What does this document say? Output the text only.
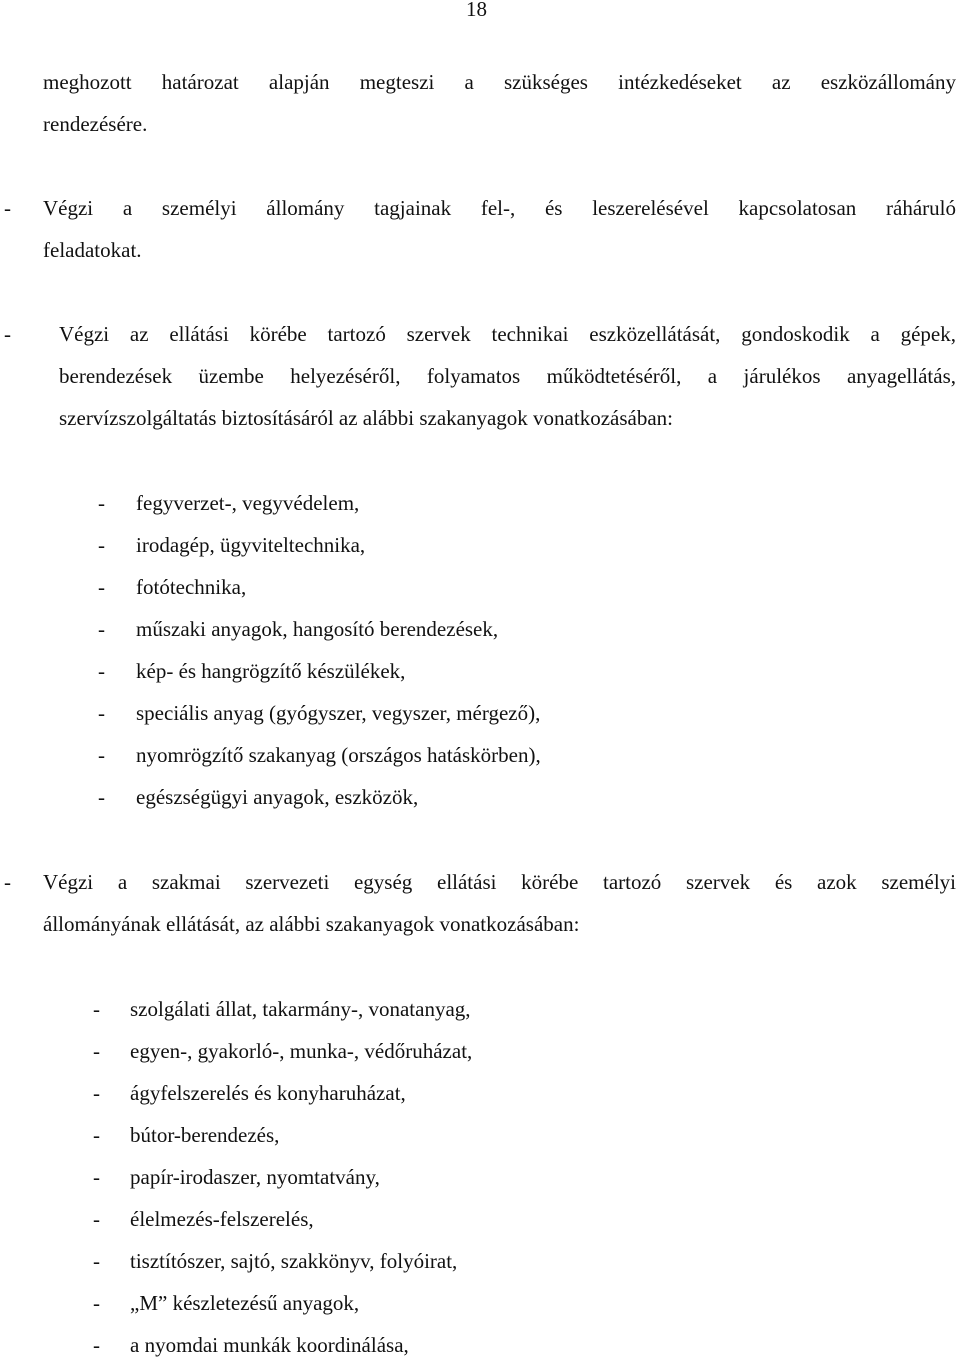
18
meghozott határozat alapján megteszi a szükséges intézkedéseket az eszközállomány
rendezésére.
- Végzi a személyi állomány tagjainak fel-, és leszerelésével kapcsolatosan ráháruló
feladatokat.
- Végzi az ellátási körébe tartozó szervek technikai eszközellátását, gondoskodik a gépek,
berendezések üzembe helyezéséről, folyamatos működtetéséről, a járulékos anyagellátás,
szervízszolgáltatás biztosításáról az alábbi szakanyagok vonatkozásában:
- fegyverzet-, vegyvédelem,
- irodagép, ügyviteltechnika,
- fotótechnika,
- műszaki anyagok, hangosító berendezések,
- kép- és hangrögzítő készülékek,
- speciális anyag (gyógyszer, vegyszer, mérgező),
- nyomrögzítő szakanyag (országos hatáskörben),
- egészségügyi anyagok, eszközök,
- Végzi a szakmai szervezeti egység ellátási körébe tartozó szervek és azok személyi
állományának ellátását, az alábbi szakanyagok vonatkozásában:
- szolgálati állat, takarmány-, vonatanyag,
- egyen-, gyakorló-, munka-, védőruházat,
- ágyfelszerelés és konyharuházat,
- bútor-berendezés,
- papír-irodaszer, nyomtatvány,
- élelmezés-felszerelés,
- tisztítószer, sajtó, szakkönyv, folyóirat,
- „M” készletezésű anyagok,
- a nyomdai munkák koordinálása,
